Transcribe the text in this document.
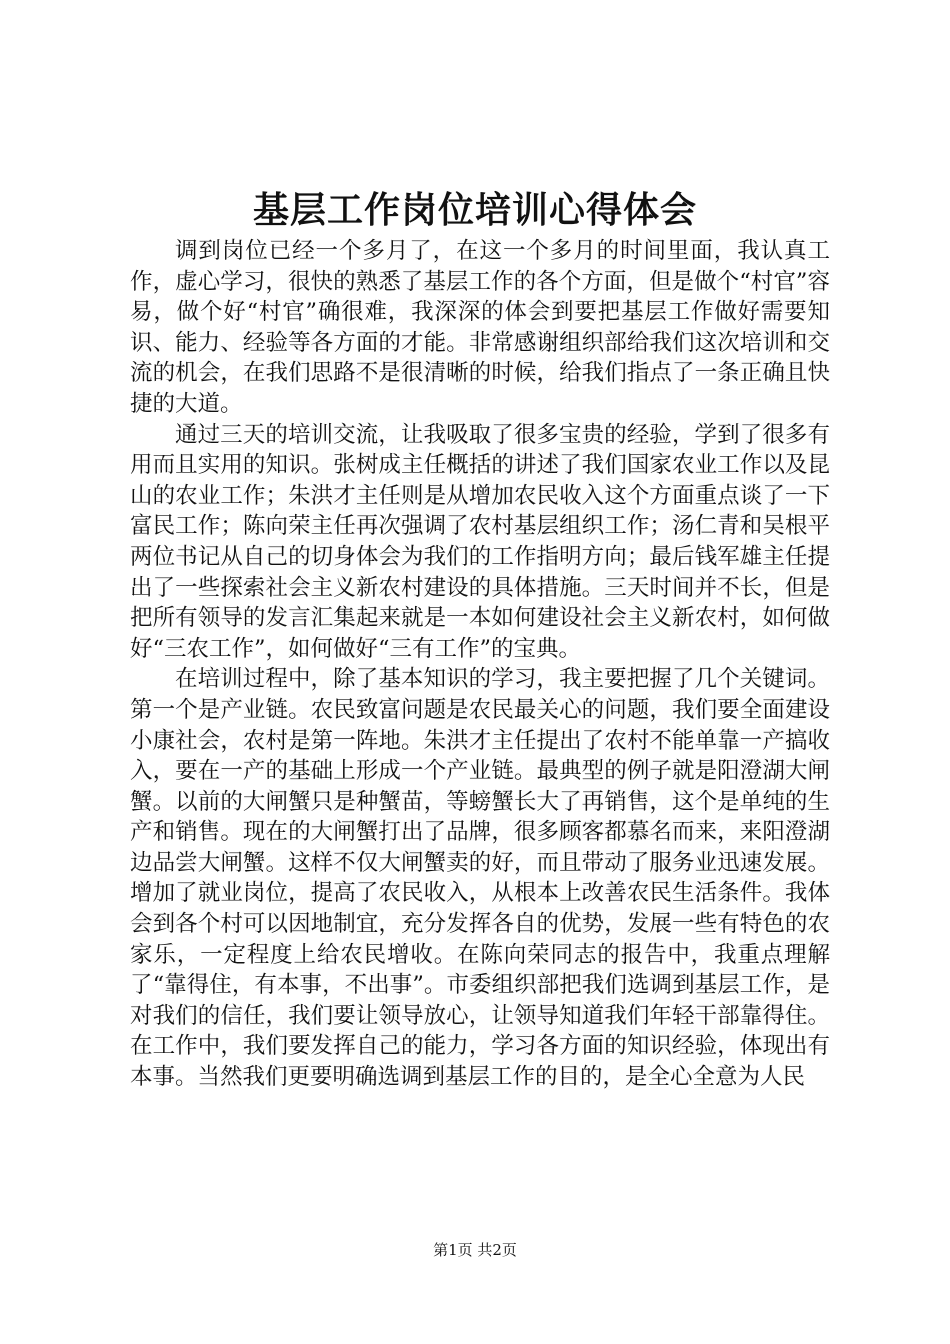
基层工作岗位培训心得体会

调到岗位已经一个多月了，在这一个多月的时间里面，我认真工作，虚心学习，很快的熟悉了基层工作的各个方面，但是做个“村官”容易，做个好“村官”确很难，我深深的体会到要把基层工作做好需要知识、能力、经验等各方面的才能。非常感谢组织部给我们这次培训和交流的机会，在我们思路不是很清晰的时候，给我们指点了一条正确且快捷的大道。

通过三天的培训交流，让我吸取了很多宝贵的经验，学到了很多有用而且实用的知识。张树成主任概括的讲述了我们国家农业工作以及昆山的农业工作；朱洪才主任则是从增加农民收入这个方面重点谈了一下富民工作；陈向荣主任再次强调了农村基层组织工作；汤仁青和吴根平两位书记从自己的切身体会为我们的工作指明方向；最后钱军雄主任提出了一些探索社会主义新农村建设的具体措施。三天时间并不长，但是把所有领导的发言汇集起来就是一本如何建设社会主义新农村，如何做好“三农工作”，如何做好“三有工作”的宝典。

在培训过程中，除了基本知识的学习，我主要把握了几个关键词。第一个是产业链。农民致富问题是农民最关心的问题，我们要全面建设小康社会，农村是第一阵地。朱洪才主任提出了农村不能单靠一产搞收入，要在一产的基础上形成一个产业链。最典型的例子就是阳澄湖大闸蟹。以前的大闸蟹只是种蟹苗，等螃蟹长大了再销售，这个是单纯的生产和销售。现在的大闸蟹打出了品牌，很多顾客都慕名而来，来阳澄湖边品尝大闸蟹。这样不仅大闸蟹卖的好，而且带动了服务业迅速发展。增加了就业岗位，提高了农民收入，从根本上改善农民生活条件。我体会到各个村可以因地制宜，充分发挥各自的优势，发展一些有特色的农家乐，一定程度上给农民增收。在陈向荣同志的报告中，我重点理解了“靠得住，有本事，不出事”。市委组织部把我们选调到基层工作，是对我们的信任，我们要让领导放心，让领导知道我们年轻干部靠得住。在工作中，我们要发挥自己的能力，学习各方面的知识经验，体现出有本事。当然我们更要明确选调到基层工作的目的，是全心全意为人民

第1页 共2页
